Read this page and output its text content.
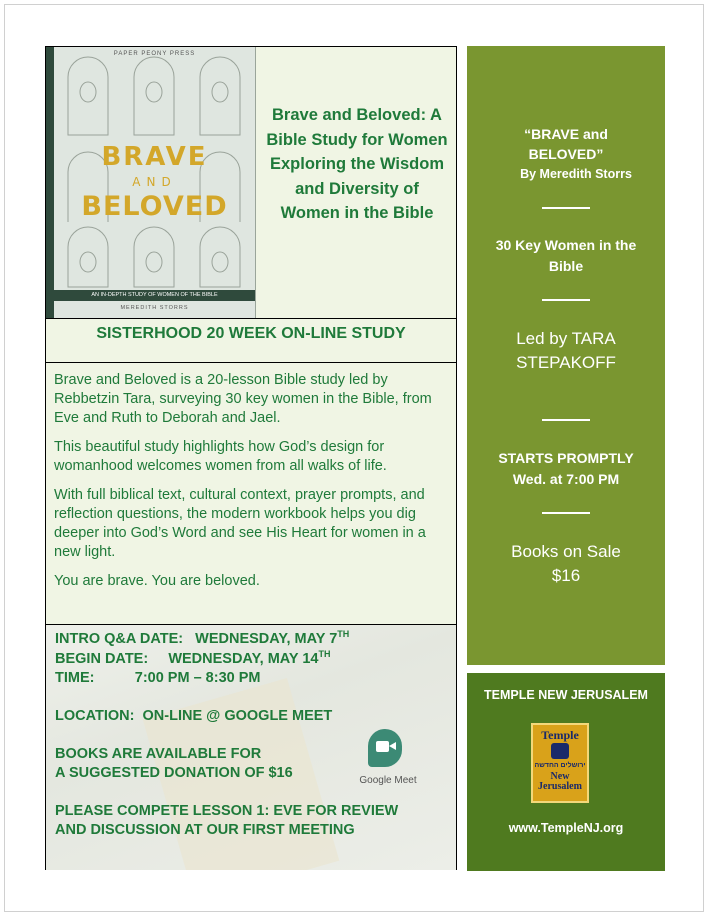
PAPER PEONY PRESS
BRAVE
AND
BELOVED
AN IN-DEPTH STUDY OF WOMEN OF THE BIBLE
MEREDITH STORRS
Brave and Beloved: A Bible Study for Women Exploring the Wisdom and Diversity of Women in the Bible
SISTERHOOD 20 WEEK ON-LINE STUDY

Brave and Beloved is a 20-lesson Bible study led by Rebbetzin Tara, surveying 30 key women in the Bible, from Eve and Ruth to Deborah and Jael.

This beautiful study highlights how God’s design for womanhood welcomes women from all walks of life.

With full biblical text, cultural context, prayer prompts, and reflection questions, the modern workbook helps you dig deeper into God’s Word and see His Heart for women in a new light.

You are brave. You are beloved.

Google Meet
INTRO Q&A DATE:   WEDNESDAY, MAY 7TH
BEGIN DATE:     WEDNESDAY, MAY 14TH
TIME:          7:00 PM – 8:30 PM
LOCATION:  ON-LINE @ GOOGLE MEET
BOOKS ARE AVAILABLE FOR
A SUGGESTED DONATION OF $16
PLEASE COMPETE LESSON 1: EVE FOR REVIEW
AND DISCUSSION AT OUR FIRST MEETING
“BRAVE and
BELOVED”
By Meredith Storrs
30 Key Women in the
Bible
Led by TARA
STEPAKOFF
STARTS PROMPTLY
Wed. at 7:00 PM
Books on Sale
$16
TEMPLE NEW JERUSALEM
Temple
ירושלים החדשה
New
Jerusalem
www.TempleNJ.org
